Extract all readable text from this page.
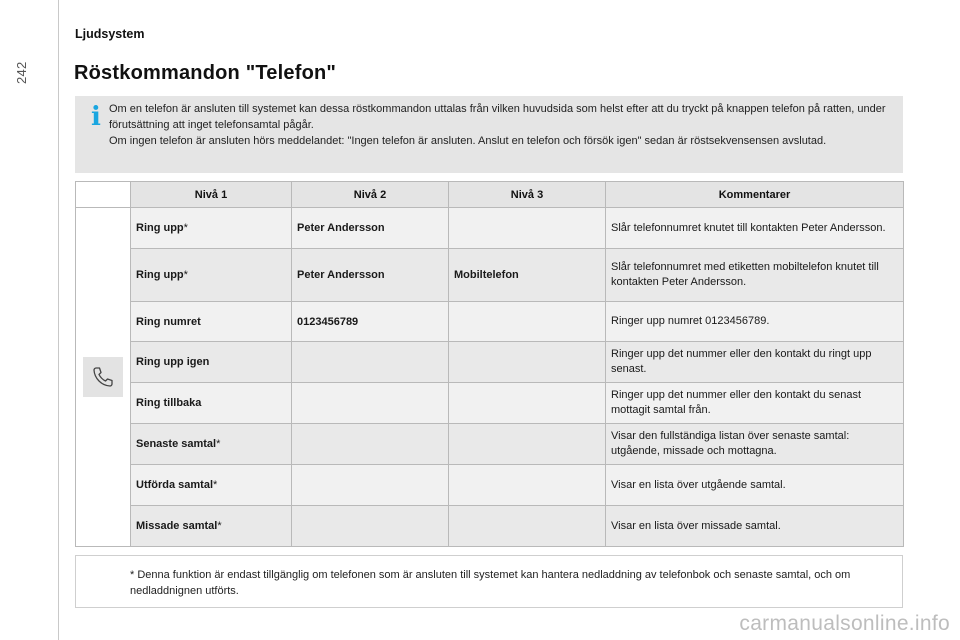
242
Ljudsystem
Röstkommandon "Telefon"
i Om en telefon är ansluten till systemet kan dessa röstkommandon uttalas från vilken huvudsida som helst efter att du tryckt på knappen telefon på ratten, under förutsättning att inget telefonsamtal pågår.

Om ingen telefon är ansluten hörs meddelandet: "Ingen telefon är ansluten. Anslut en telefon och försök igen" sedan är röstsekvensensen avslutad.

	Nivå 1	Nivå 2	Nivå 3	Kommentarer

	Ring upp*	Peter Andersson		Slår telefonnumret knutet till kontakten Peter Andersson.
	Ring upp*	Peter Andersson	Mobiltelefon	Slår telefonnumret med etiketten mobiltelefon knutet till kontakten Peter Andersson.
	Ring numret	0123456789		Ringer upp numret 0123456789.
	Ring upp igen			Ringer upp det nummer eller den kontakt du ringt upp senast.
	Ring tillbaka			Ringer upp det nummer eller den kontakt du senast mottagit samtal från.
	Senaste samtal*			Visar den fullständiga listan över senaste samtal: utgående, missade och mottagna.
	Utförda samtal*			Visar en lista över utgående samtal.
	Missade samtal*			Visar en lista över missade samtal.
* Denna funktion är endast tillgänglig om telefonen som är ansluten till systemet kan hantera nedladdning av telefonbok och senaste samtal, och om nedladdnignen utförts.
carmanualsonline.info
